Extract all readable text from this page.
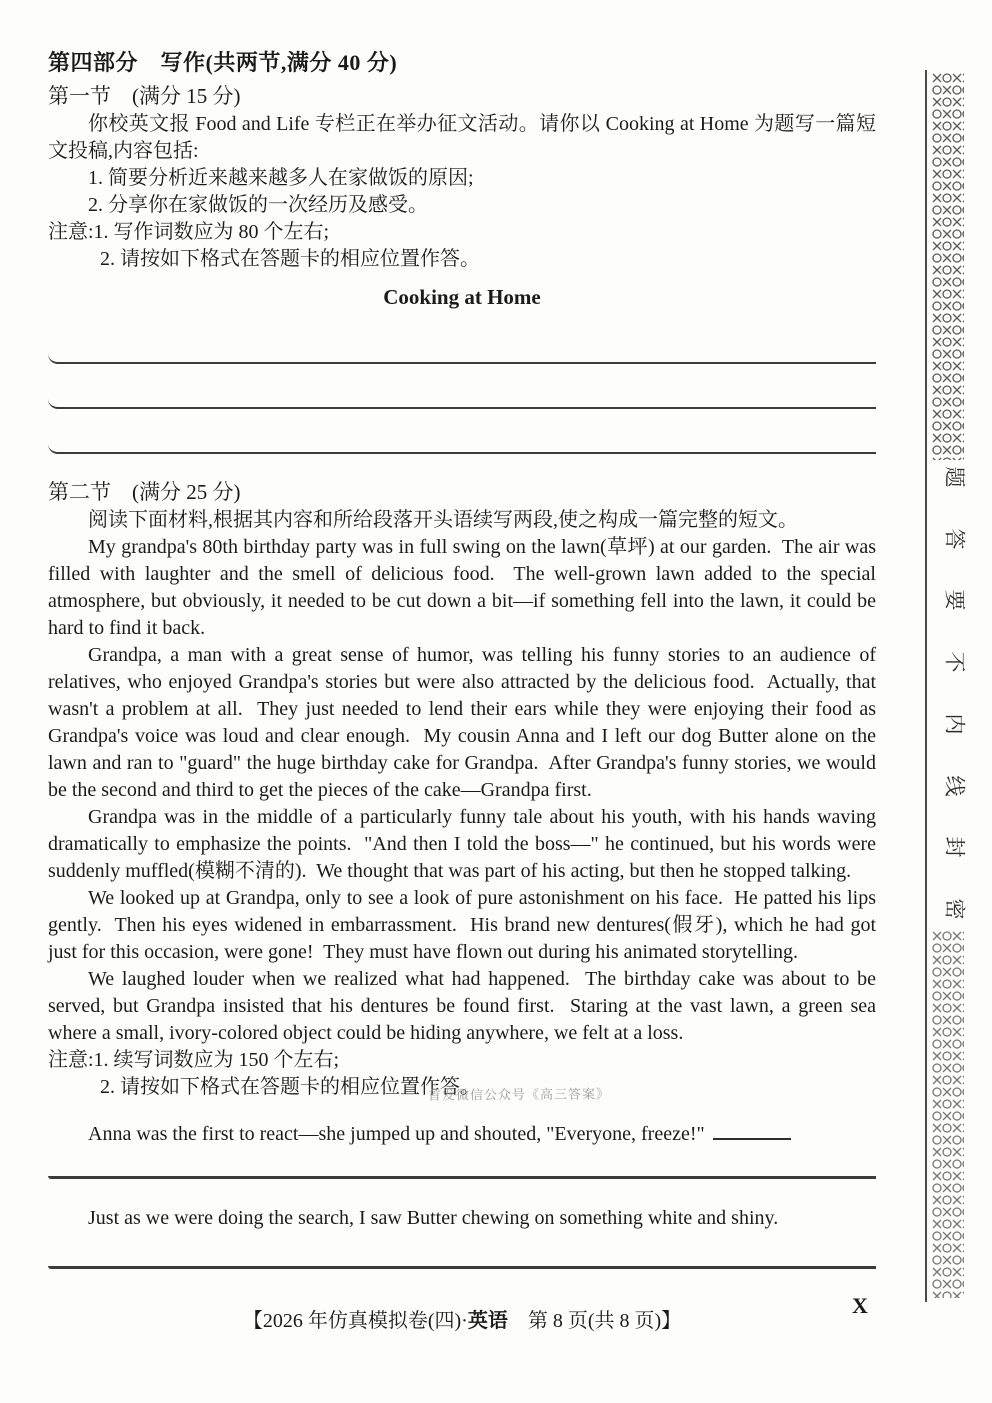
第四部分　写作(共两节,满分 40 分)
第一节　(满分 15 分)

你校英文报 Food and Life 专栏正在举办征文活动。请你以 Cooking at Home 为题写一篇短文投稿,内容包括:

1. 简要分析近来越来越多人在家做饭的原因;

2. 分享你在家做饭的一次经历及感受。

注意:1. 写作词数应为 80 个左右;

2. 请按如下格式在答题卡的相应位置作答。

Cooking at Home
第二节　(满分 25 分)

阅读下面材料,根据其内容和所给段落开头语续写两段,使之构成一篇完整的短文。

My grandpa's 80th birthday party was in full swing on the lawn(草坪) at our garden.  The air was filled with laughter and the smell of delicious food.  The well-grown lawn added to the special atmosphere, but obviously, it needed to be cut down a bit—if something fell into the lawn, it could be hard to find it back.

Grandpa, a man with a great sense of humor, was telling his funny stories to an audience of relatives, who enjoyed Grandpa's stories but were also attracted by the delicious food.  Actually, that wasn't a problem at all.  They just needed to lend their ears while they were enjoying their food as Grandpa's voice was loud and clear enough.  My cousin Anna and I left our dog Butter alone on the lawn and ran to "guard" the huge birthday cake for Grandpa.  After Grandpa's funny stories, we would be the second and third to get the pieces of the cake—Grandpa first.

Grandpa was in the middle of a particularly funny tale about his youth, with his hands waving dramatically to emphasize the points.  "And then I told the boss—" he continued, but his words were suddenly muffled(模糊不清的).  We thought that was part of his acting, but then he stopped talking.

We looked up at Grandpa, only to see a look of pure astonishment on his face.  He patted his lips gently.  Then his eyes widened in embarrassment.  His brand new dentures(假牙), which he had got just for this occasion, were gone!  They must have flown out during his animated storytelling.

We laughed louder when we realized what had happened.  The birthday cake was about to be served, but Grandpa insisted that his dentures be found first.  Staring at the vast lawn, a green sea where a small, ivory-colored object could be hiding anywhere, we felt at a loss.

注意:1. 续写词数应为 150 个左右;

2. 请按如下格式在答题卡的相应位置作答。

Anna was the first to react—she jumped up and shouted, "Everyone, freeze!"

Just as we were doing the search, I saw Butter chewing on something white and shiny.

【2026 年仿真模拟卷(四)·英语　第 8 页(共 8 页)】
X
首发微信公众号《高三答案》
题
答
要
不
内
线
封
密
